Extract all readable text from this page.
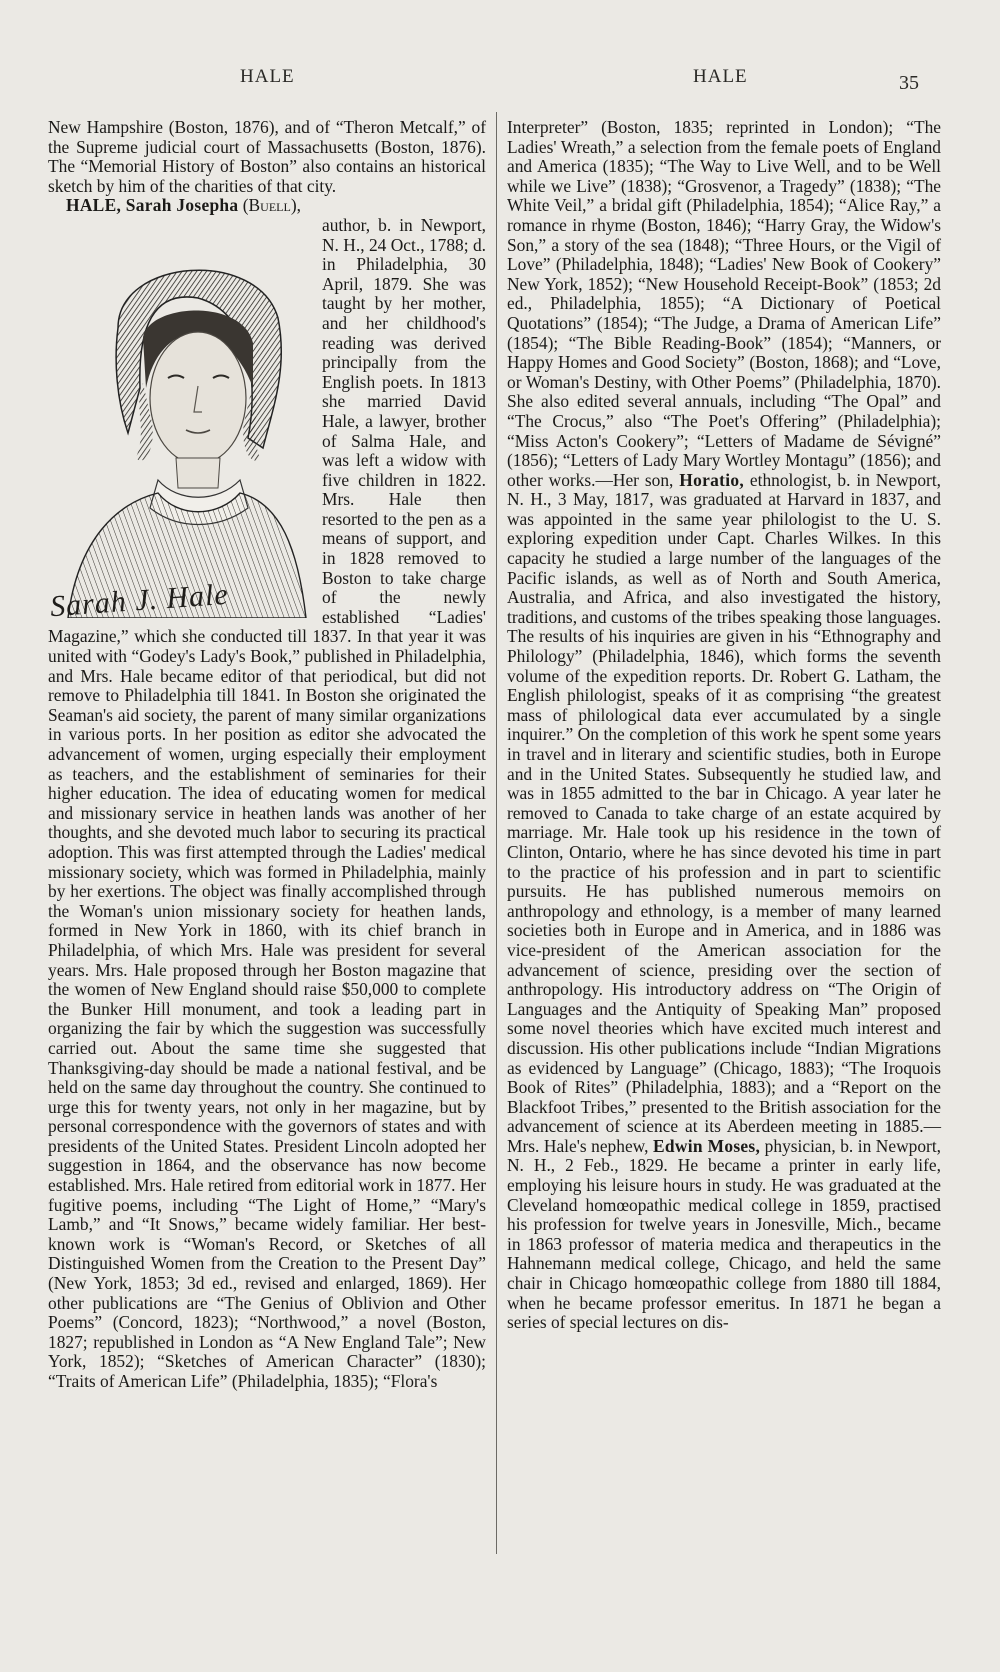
HALE	HALE	35

New Hampshire (Boston, 1876), and of “Theron Metcalf,” of the Supreme judicial court of Massachusetts (Boston, 1876). The “Memorial History of Boston” also contains an historical sketch by him of the charities of that city.

HALE, Sarah Josepha (Buell),

Sarah J. Hale

author, b. in Newport, N. H., 24 Oct., 1788; d. in Philadelphia, 30 April, 1879. She was taught by her mother, and her childhood's reading was derived principally from the English poets. In 1813 she married David Hale, a lawyer, brother of Salma Hale, and was left a widow with five children in 1822. Mrs. Hale then resorted to the pen as a means of support, and in 1828 removed to Boston to take charge of the newly established “Ladies' Magazine,” which she conducted till 1837. In that year it was united with “Godey's Lady's Book,” published in Philadelphia, and Mrs. Hale became editor of that periodical, but did not remove to Philadelphia till 1841. In Boston she originated the Seaman's aid society, the parent of many similar organizations in various ports. In her position as editor she advocated the advancement of women, urging especially their employment as teachers, and the establishment of seminaries for their higher education. The idea of educating women for medical and missionary service in heathen lands was another of her thoughts, and she devoted much labor to securing its practical adoption. This was first attempted through the Ladies' medical missionary society, which was formed in Philadelphia, mainly by her exertions. The object was finally accomplished through the Woman's union missionary society for heathen lands, formed in New York in 1860, with its chief branch in Philadelphia, of which Mrs. Hale was president for several years. Mrs. Hale proposed through her Boston magazine that the women of New England should raise $50,000 to complete the Bunker Hill monument, and took a leading part in organizing the fair by which the suggestion was successfully carried out. About the same time she suggested that Thanksgiving-day should be made a national festival, and be held on the same day throughout the country. She continued to urge this for twenty years, not only in her magazine, but by personal correspondence with the governors of states and with presidents of the United States. President Lincoln adopted her suggestion in 1864, and the observance has now become established. Mrs. Hale retired from editorial work in 1877. Her fugitive poems, including “The Light of Home,” “Mary's Lamb,” and “It Snows,” became widely familiar. Her best-known work is “Woman's Record, or Sketches of all Distinguished Women from the Creation to the Present Day” (New York, 1853; 3d ed., revised and enlarged, 1869). Her other publications are “The Genius of Oblivion and Other Poems” (Concord, 1823); “Northwood,” a novel (Boston, 1827; republished in London as “A New England Tale”; New York, 1852); “Sketches of American Character” (1830); “Traits of American Life” (Philadelphia, 1835); “Flora's

Interpreter” (Boston, 1835; reprinted in London); “The Ladies' Wreath,” a selection from the female poets of England and America (1835); “The Way to Live Well, and to be Well while we Live” (1838); “Grosvenor, a Tragedy” (1838); “The White Veil,” a bridal gift (Philadelphia, 1854); “Alice Ray,” a romance in rhyme (Boston, 1846); “Harry Gray, the Widow's Son,” a story of the sea (1848); “Three Hours, or the Vigil of Love” (Philadelphia, 1848); “Ladies' New Book of Cookery” New York, 1852); “New Household Receipt-Book” (1853; 2d ed., Philadelphia, 1855); “A Dictionary of Poetical Quotations” (1854); “The Judge, a Drama of American Life” (1854); “The Bible Reading-Book” (1854); “Manners, or Happy Homes and Good Society” (Boston, 1868); and “Love, or Woman's Destiny, with Other Poems” (Philadelphia, 1870). She also edited several annuals, including “The Opal” and “The Crocus,” also “The Poet's Offering” (Philadelphia); “Miss Acton's Cookery”; “Letters of Madame de Sévigné” (1856); “Letters of Lady Mary Wortley Montagu” (1856); and other works.—Her son, Horatio, ethnologist, b. in Newport, N. H., 3 May, 1817, was graduated at Harvard in 1837, and was appointed in the same year philologist to the U. S. exploring expedition under Capt. Charles Wilkes. In this capacity he studied a large number of the languages of the Pacific islands, as well as of North and South America, Australia, and Africa, and also investigated the history, traditions, and customs of the tribes speaking those languages. The results of his inquiries are given in his “Ethnography and Philology” (Philadelphia, 1846), which forms the seventh volume of the expedition reports. Dr. Robert G. Latham, the English philologist, speaks of it as comprising “the greatest mass of philological data ever accumulated by a single inquirer.” On the completion of this work he spent some years in travel and in literary and scientific studies, both in Europe and in the United States. Subsequently he studied law, and was in 1855 admitted to the bar in Chicago. A year later he removed to Canada to take charge of an estate acquired by marriage. Mr. Hale took up his residence in the town of Clinton, Ontario, where he has since devoted his time in part to the practice of his profession and in part to scientific pursuits. He has published numerous memoirs on anthropology and ethnology, is a member of many learned societies both in Europe and in America, and in 1886 was vice-president of the American association for the advancement of science, presiding over the section of anthropology. His introductory address on “The Origin of Languages and the Antiquity of Speaking Man” proposed some novel theories which have excited much interest and discussion. His other publications include “Indian Migrations as evidenced by Language” (Chicago, 1883); “The Iroquois Book of Rites” (Philadelphia, 1883); and a “Report on the Blackfoot Tribes,” presented to the British association for the advancement of science at its Aberdeen meeting in 1885.—Mrs. Hale's nephew, Edwin Moses, physician, b. in Newport, N. H., 2 Feb., 1829. He became a printer in early life, employing his leisure hours in study. He was graduated at the Cleveland homœopathic medical college in 1859, practised his profession for twelve years in Jonesville, Mich., became in 1863 professor of materia medica and therapeutics in the Hahnemann medical college, Chicago, and held the same chair in Chicago homœopathic college from 1880 till 1884, when he became professor emeritus. In 1871 he began a series of special lectures on dis-
